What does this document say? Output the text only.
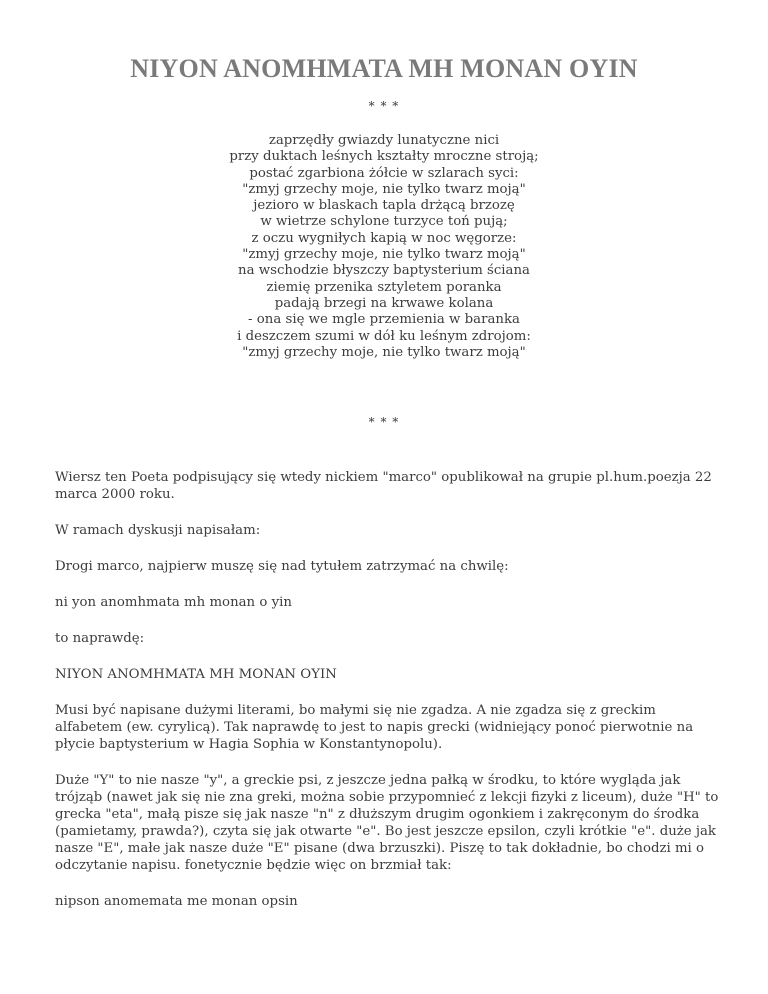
NIYON ANOMHMATA MH MONAN OYIN
* * *
zaprzędły gwiazdy lunatyczne nici
przy duktach leśnych kształty mroczne stroją;
postać zgarbiona żółcie w szlarach syci:
"zmyj grzechy moje, nie tylko twarz moją"
jezioro w blaskach tapla drżącą brzozę
w wietrze schylone turzyce toń pują;
z oczu wygniłych kapią w noc węgorze:
"zmyj grzechy moje, nie tylko twarz moją"
na wschodzie błyszczy baptysterium ściana
ziemię przenika sztyletem poranka
padają brzegi na krwawe kolana
- ona się we mgle przemienia w baranka
i deszczem szumi w dół ku leśnym zdrojom:
"zmyj grzechy moje, nie tylko twarz moją"
* * *

Wiersz ten Poeta podpisujący się wtedy nickiem "marco" opublikował na grupie pl.hum.poezja 22 marca 2000 roku.

W ramach dyskusji napisałam:

Drogi marco, najpierw muszę się nad tytułem zatrzymać na chwilę:

ni yon anomhmata mh monan o yin

to naprawdę:

NIYON ANOMHMATA MH MONAN OYIN

Musi być napisane dużymi literami, bo małymi się nie zgadza. A nie zgadza się z greckim alfabetem (ew. cyrylicą). Tak naprawdę to jest to napis grecki (widniejący ponoć pierwotnie na płycie baptysterium w Hagia Sophia w Konstantynopolu).

Duże "Y" to nie nasze "y", a greckie psi, z jeszcze jedna pałką w środku, to które wygląda jak trójząb (nawet jak się nie zna greki, można sobie przypomnieć z lekcji fizyki z liceum), duże "H" to grecka "eta", małą pisze się jak nasze "n" z dłuższym drugim ogonkiem i zakręconym do środka (pamietamy, prawda?), czyta się jak otwarte "e". Bo jest jeszcze epsilon, czyli krótkie "e". duże jak nasze "E", małe jak nasze duże "E" pisane (dwa brzuszki). Piszę to tak dokładnie, bo chodzi mi o odczytanie napisu. fonetycznie będzie więc on brzmiał tak:

nipson anomemata me monan opsin
